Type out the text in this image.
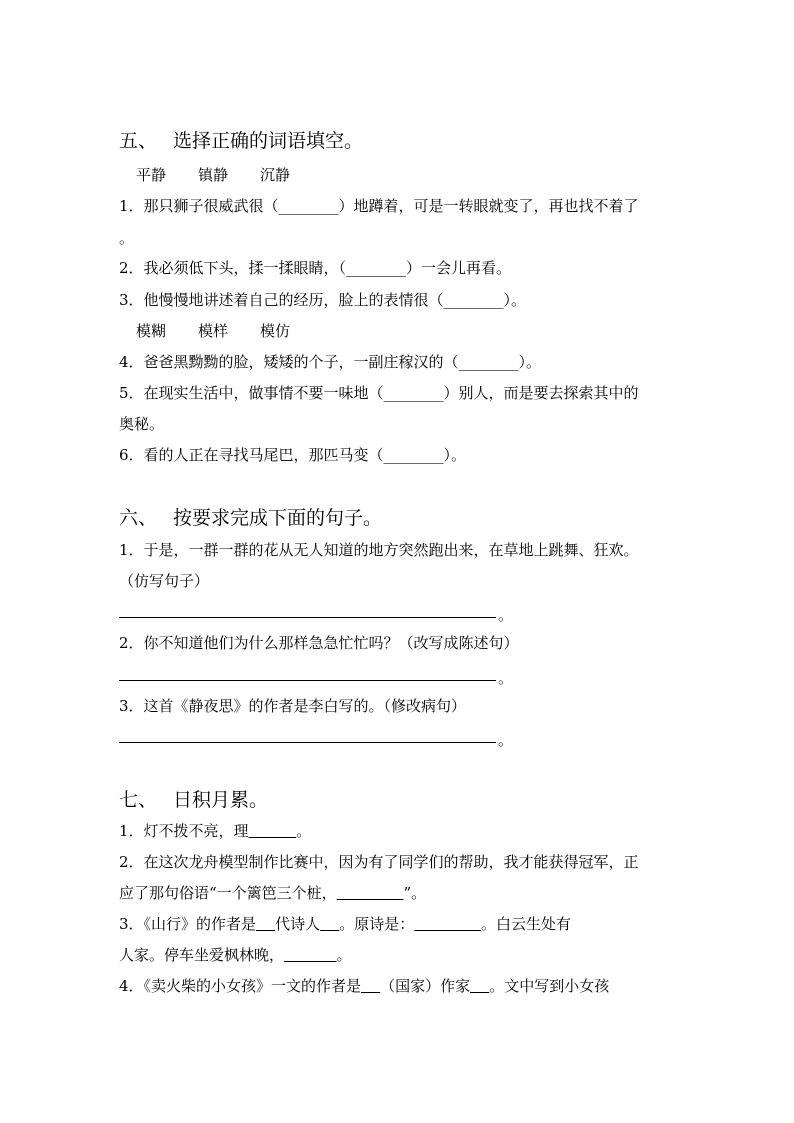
五、 选择正确的词语填空。
平静 镇静 沉静
1．那只狮子很威武很（________）地蹲着，可是一转眼就变了，再也找不着了
。
2．我必须低下头，揉一揉眼睛，（________）一会儿再看。
3．他慢慢地讲述着自己的经历，脸上的表情很（________）。
模糊 模样 模仿
4．爸爸黑黝黝的脸，矮矮的个子，一副庄稼汉的（________）。
5．在现实生活中，做事情不要一味地（________）别人，而是要去探索其中的
奥秘。
6．看的人正在寻找马尾巴，那匹马变（________）。
六、 按要求完成下面的句子。
1．于是，一群一群的花从无人知道的地方突然跑出来，在草地上跳舞、狂欢。
（仿写句子）
。
2．你不知道他们为什么那样急急忙忙吗？（改写成陈述句）
。
3．这首《静夜思》的作者是李白写的。（修改病句）
。
七、 日积月累。
1．灯不拨不亮，理	。
2．在这次龙舟模型制作比赛中，因为有了同学们的帮助，我才能获得冠军，正
应了那句俗语“一个篱笆三个桩，	”。
3．《山行》的作者是 代诗人 。原诗是：	。白云生处有
人家。停车坐爱枫林晚，	。
4．《卖火柴的小女孩》一文的作者是 （国家）作家 。文中写到小女孩
